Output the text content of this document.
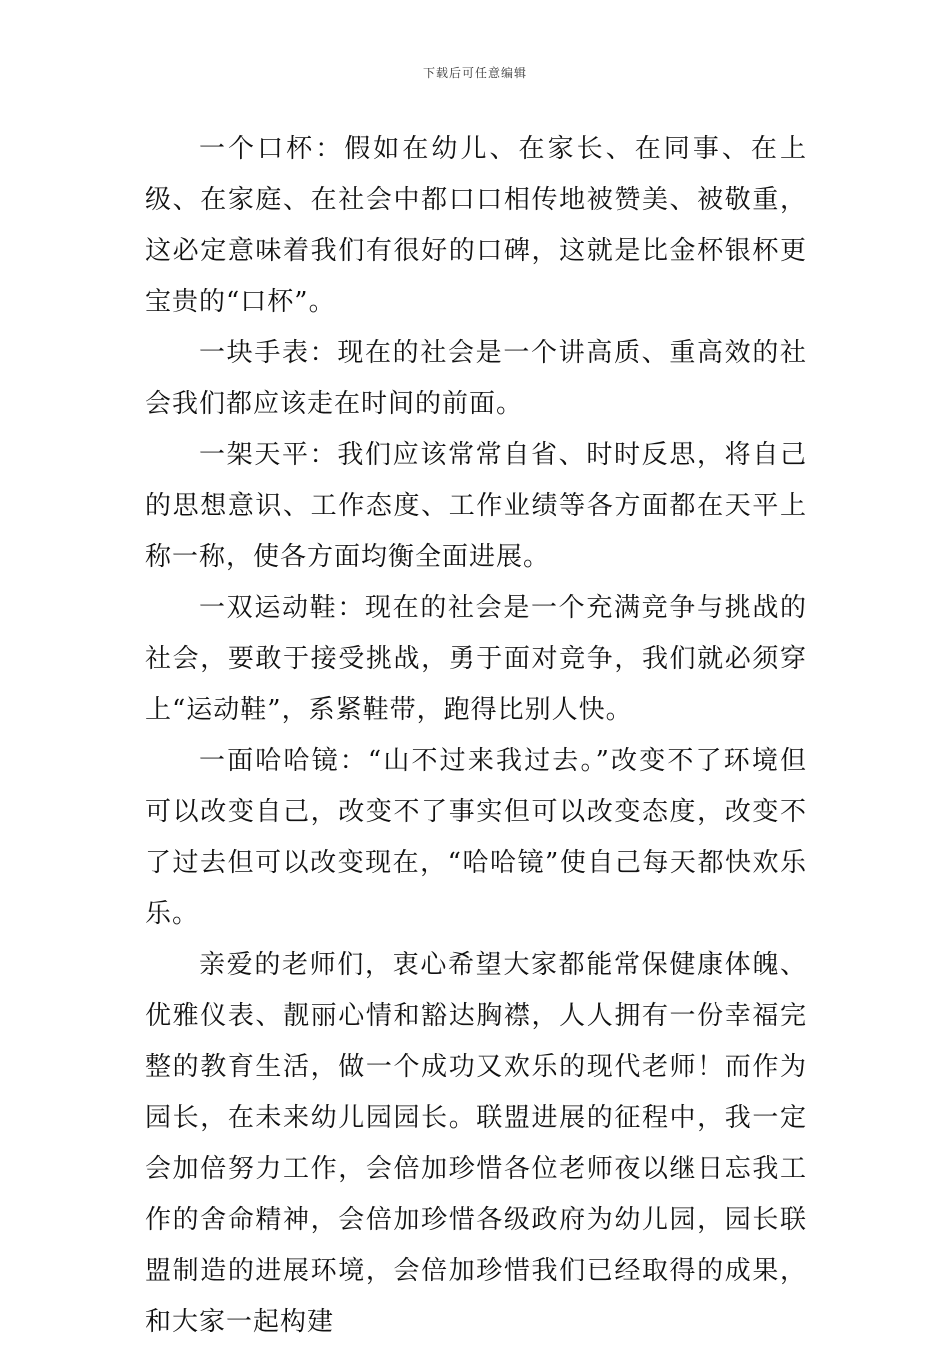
下载后可任意编辑

一个口杯：假如在幼儿、在家长、在同事、在上级、在家庭、在社会中都口口相传地被赞美、被敬重，这必定意味着我们有很好的口碑，这就是比金杯银杯更宝贵的“口杯”。

一块手表：现在的社会是一个讲高质、重高效的社会我们都应该走在时间的前面。

一架天平：我们应该常常自省、时时反思，将自己的思想意识、工作态度、工作业绩等各方面都在天平上称一称，使各方面均衡全面进展。

一双运动鞋：现在的社会是一个充满竞争与挑战的社会，要敢于接受挑战，勇于面对竞争，我们就必须穿上“运动鞋”，系紧鞋带，跑得比别人快。

一面哈哈镜：“山不过来我过去。”改变不了环境但可以改变自己，改变不了事实但可以改变态度，改变不了过去但可以改变现在，“哈哈镜”使自己每天都快欢乐乐。

亲爱的老师们，衷心希望大家都能常保健康体魄、优雅仪表、靓丽心情和豁达胸襟，人人拥有一份幸福完整的教育生活，做一个成功又欢乐的现代老师！而作为园长，在未来幼儿园园长。联盟进展的征程中，我一定会加倍努力工作，会倍加珍惜各位老师夜以继日忘我工作的舍命精神，会倍加珍惜各级政府为幼儿园，园长联盟制造的进展环境，会倍加珍惜我们已经取得的成果，和大家一起构建
